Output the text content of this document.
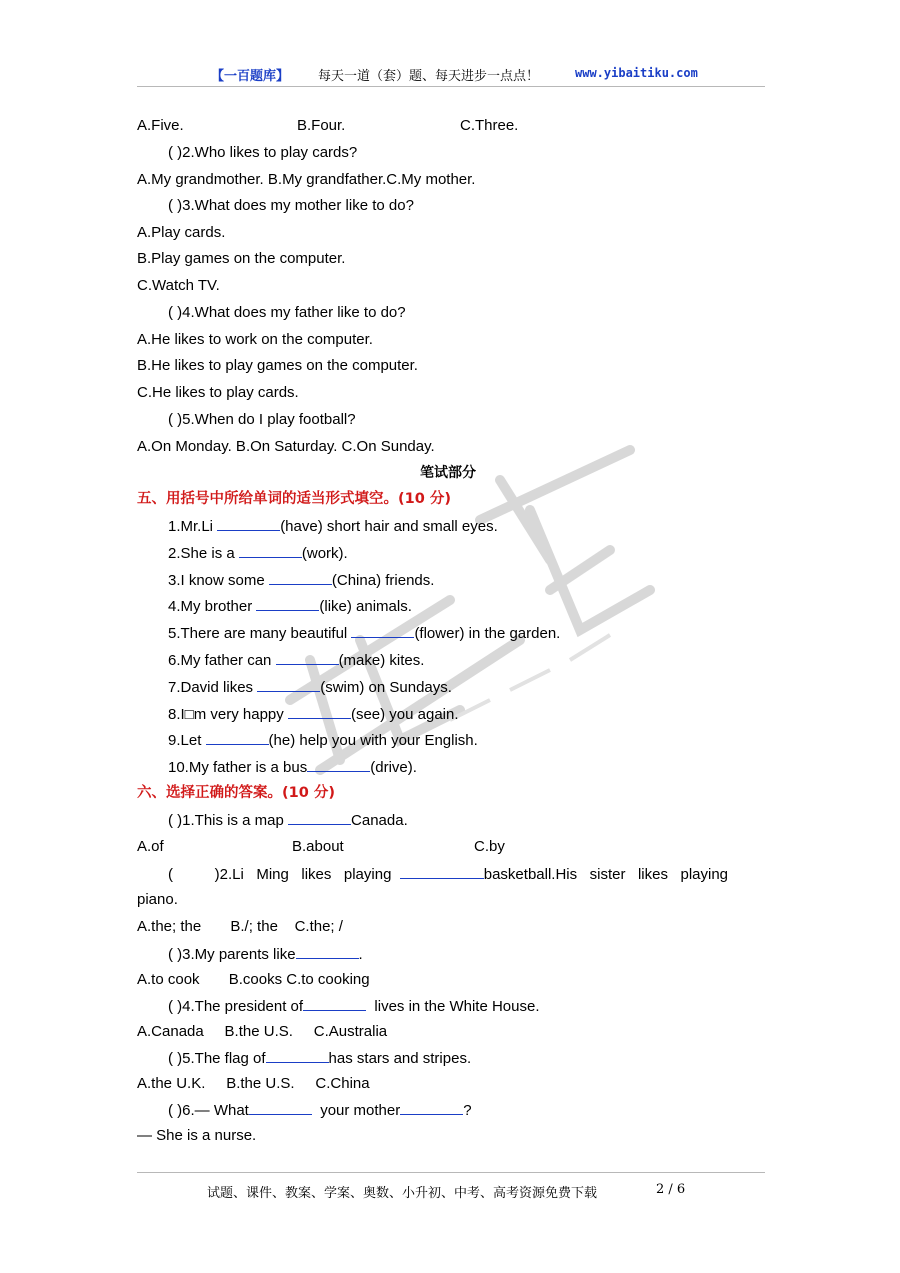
【一百题库】 每天一道（套）题、每天进步一点点！	www.yibaitiku.com
A.Five.	B.Four.	C.Three.
( )2.Who likes to play cards?
A.My grandmother. B.My grandfather.C.My mother.
( )3.What does my mother like to do?
A.Play cards.
B.Play games on the computer.
C.Watch TV.
( )4.What does my father like to do?
A.He likes to work on the computer.
B.He likes to play games on the computer.
C.He likes to play cards.
( )5.When do I play football?
A.On Monday. B.On Saturday. C.On Sunday.
笔试部分
五、用括号中所给单词的适当形式填空。(10 分)
1.Mr.Li	(have) short hair and small eyes.
2.She is a	(work).
3.I know some	(China) friends.
4.My brother	(like) animals.
5.There are many beautiful	(flower) in the garden.
6.My father can	(make) kites.
7.David likes	(swim) on Sundays.
8.I□m very happy	(see) you again.
9.Let	(he) help you with your English.
10.My father is a bus	(drive).
六、选择正确的答案。(10 分)
( )1.This is a map	Canada.
A.of	B.about	C.by
(          )2.Li   Ming   likes   playing	basketball.His   sister   likes   playing
piano.
A.the; the       B./; the    C.the; /
( )3.My parents like	.
A.to cook       B.cooks C.to cooking
( )4.The president of	lives in the White House.
A.Canada     B.the U.S.     C.Australia
( )5.The flag of	has stars and stripes.
A.the U.K.     B.the U.S.     C.China
( )6.— What	your mother	?
— She is a nurse.
试题、课件、教案、学案、奥数、小升初、中考、高考资源免费下载	2 / 6
